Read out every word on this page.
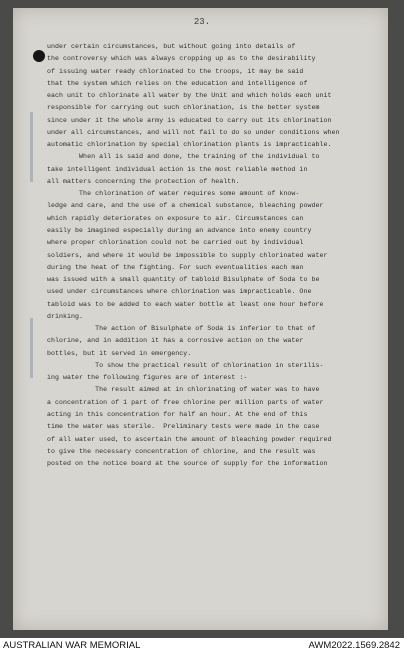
23.
under certain circumstances, but without going into details of
the controversy which was always cropping up as to the desirability
of issuing water ready chlorinated to the troops, it may be said
that the system which relies on the education and intelligence of
each unit to chlorinate all water by the Unit and which holds each unit
responsible for carrying out such chlorination, is the better system
since under it the whole army is educated to carry out its chlorination
under all circumstances, and will not fail to do so under conditions when
automatic chlorination by special chlorination plants is impracticable.
When all is said and done, the training of the individual to
take intelligent individual action is the most reliable method in
all matters concerning the protection of health.
The chlorination of water requires some amount of know-
ledge and care, and the use of a chemical substance, bleaching powder
which rapidly deteriorates on exposure to air. Circumstances can
easily be imagined especially during an advance into enemy country
where proper chlorination could not be carried out by individual
soldiers, and where it would be impossible to supply chlorinated water
during the heat of the fighting. For such eventualities each man
was issued with a small quantity of tabloid Bisulphate of Soda to be
used under circumstances where chlorination was impracticable. One
tabloid was to be added to each water bottle at least one hour before
drinking.
The action of Bisulphate of Soda is inferior to that of
chlorine, and in addition it has a corrosive action on the water
bottles, but it served in emergency.
To show the practical result of chlorination in sterilis-
ing water the following figures are of interest :-
The result aimed at in chlorinating of water was to have
a concentration of 1 part of free chlorine per million parts of water
acting in this concentration for half an hour. At the end of this
time the water was sterile.  Preliminary tests were made in the case
of all water used, to ascertain the amount of bleaching powder required
to give the necessary concentration of chlorine, and the result was
posted on the notice board at the source of supply for the information
AUSTRALIAN WAR MEMORIAL	AWM2022.1569.2842
